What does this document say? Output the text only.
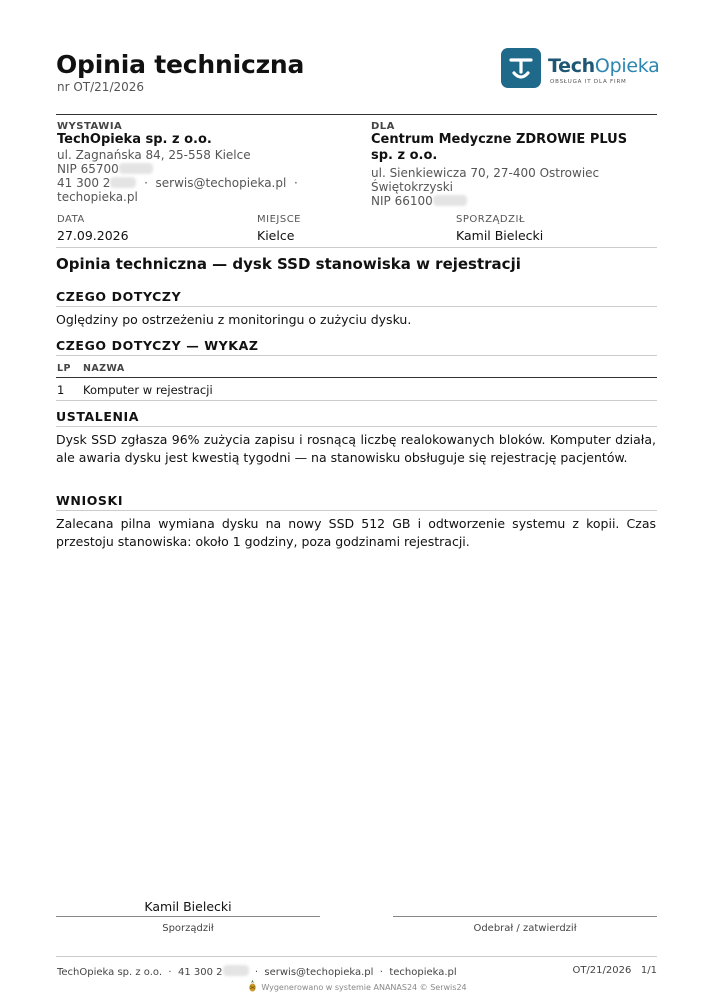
Opinia techniczna
nr OT/21/2026
TechOpieka
OBSŁUGA IT DLA FIRM
WYSTAWIA
TechOpieka sp. z o.o.
ul. Zagnańska 84, 25-558 Kielce
NIP 65700
41 300 2  ·  serwis@techopieka.pl  ·
techopieka.pl
DLA
Centrum Medyczne ZDROWIE PLUS
sp. z o.o.
ul. Sienkiewicza 70, 27-400 Ostrowiec
Świętokrzyski
NIP 66100
DATA
27.09.2026
MIEJSCE
Kielce
SPORZĄDZIŁ
Kamil Bielecki
Opinia techniczna — dysk SSD stanowiska w rejestracji
CZEGO DOTYCZY
Oględziny po ostrzeżeniu z monitoringu o zużyciu dysku.
CZEGO DOTYCZY — WYKAZ
LP NAZWA
1 Komputer w rejestracji
USTALENIA
Dysk SSD zgłasza 96% zużycia zapisu i rosnącą liczbę realokowanych bloków. Komputer działa, ale awaria dysku jest kwestią tygodni — na stanowisku obsługuje się rejestrację pacjentów.
WNIOSKI
Zalecana pilna wymiana dysku na nowy SSD 512 GB i odtworzenie systemu z kopii. Czas przestoju stanowiska: około 1 godziny, poza godzinami rejestracji.
Kamil Bielecki
Sporządził	Odebrał / zatwierdził
TechOpieka sp. z o.o.  ·  41 300 2	·  serwis@techopieka.pl  ·  techopieka.pl	OT/21/2026 1/1
Wygenerowano w systemie ANANAS24 © Serwis24
